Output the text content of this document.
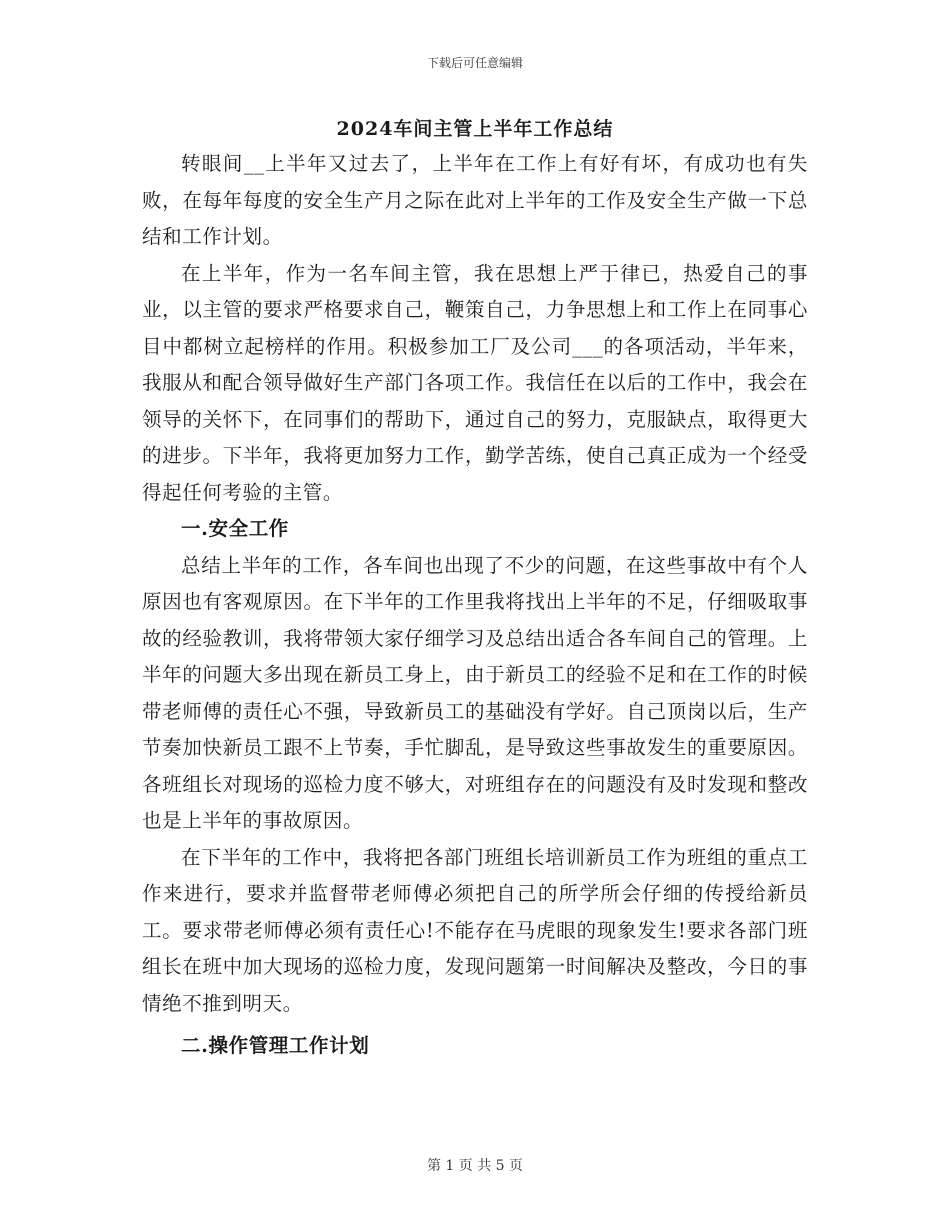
下载后可任意编辑
2024车间主管上半年工作总结

转眼间__上半年又过去了，上半年在工作上有好有坏，有成功也有失败，在每年每度的安全生产月之际在此对上半年的工作及安全生产做一下总结和工作计划。

在上半年，作为一名车间主管，我在思想上严于律已，热爱自己的事业，以主管的要求严格要求自己，鞭策自己，力争思想上和工作上在同事心目中都树立起榜样的作用。积极参加工厂及公司___的各项活动，半年来，我服从和配合领导做好生产部门各项工作。我信任在以后的工作中，我会在领导的关怀下，在同事们的帮助下，通过自己的努力，克服缺点，取得更大的进步。下半年，我将更加努力工作，勤学苦练，使自己真正成为一个经受得起任何考验的主管。

一.安全工作

总结上半年的工作，各车间也出现了不少的问题，在这些事故中有个人原因也有客观原因。在下半年的工作里我将找出上半年的不足，仔细吸取事故的经验教训，我将带领大家仔细学习及总结出适合各车间自己的管理。上半年的问题大多出现在新员工身上，由于新员工的经验不足和在工作的时候带老师傅的责任心不强，导致新员工的基础没有学好。自己顶岗以后，生产节奏加快新员工跟不上节奏，手忙脚乱，是导致这些事故发生的重要原因。各班组长对现场的巡检力度不够大，对班组存在的问题没有及时发现和整改也是上半年的事故原因。

在下半年的工作中，我将把各部门班组长培训新员工作为班组的重点工作来进行，要求并监督带老师傅必须把自己的所学所会仔细的传授给新员工。要求带老师傅必须有责任心!不能存在马虎眼的现象发生!要求各部门班组长在班中加大现场的巡检力度，发现问题第一时间解决及整改，今日的事情绝不推到明天。

二.操作管理工作计划
第 1 页 共 5 页
